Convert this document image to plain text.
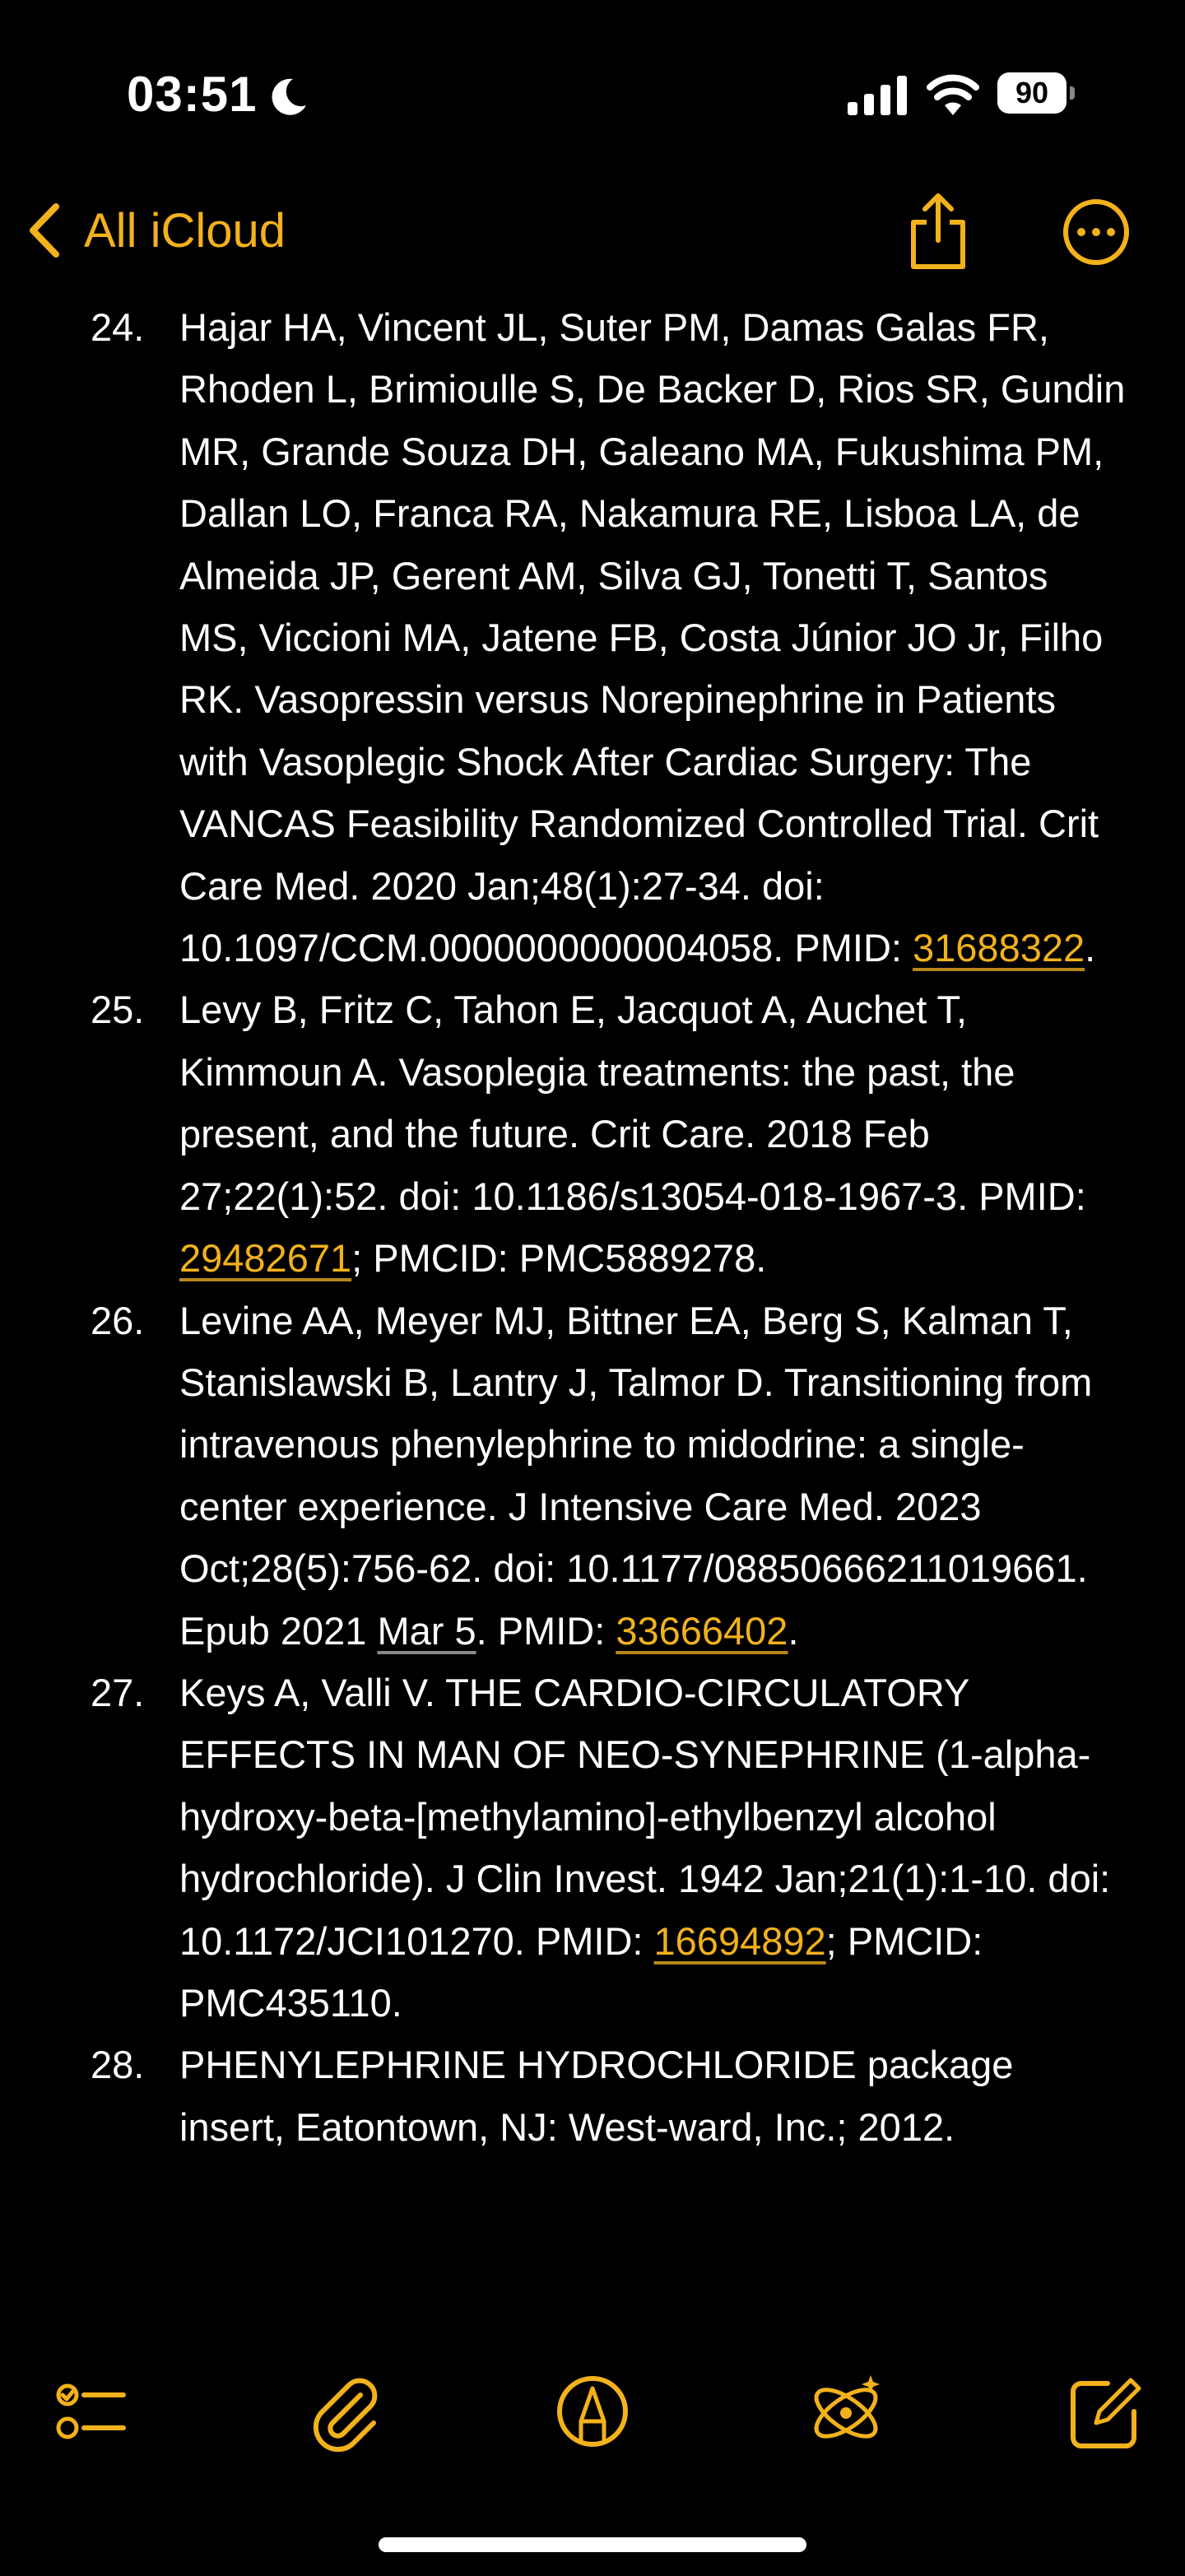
03:51	90
All iCloud
24. Hajar HA, Vincent JL, Suter PM, Damas Galas FR, Rhoden L, Brimioulle S, De Backer D, Rios SR, Gundin MR, Grande Souza DH, Galeano MA, Fukushima PM, Dallan LO, Franca RA, Nakamura RE, Lisboa LA, de Almeida JP, Gerent AM, Silva GJ, Tonetti T, Santos MS, Viccioni MA, Jatene FB, Costa Júnior JO Jr, Filho RK. Vasopressin versus Norepinephrine in Patients with Vasoplegic Shock After Cardiac Surgery: The VANCAS Feasibility Randomized Controlled Trial. Crit Care Med. 2020 Jan;48(1):27-34. doi: 10.1097/CCM.0000000000004058. PMID: 31688322.
25. Levy B, Fritz C, Tahon E, Jacquot A, Auchet T, Kimmoun A. Vasoplegia treatments: the past, the present, and the future. Crit Care. 2018 Feb 27;22(1):52. doi: 10.1186/s13054-018-1967-3. PMID: 29482671; PMCID: PMC5889278.
26. Levine AA, Meyer MJ, Bittner EA, Berg S, Kalman T, Stanislawski B, Lantry J, Talmor D. Transitioning from intravenous phenylephrine to midodrine: a single-center experience. J Intensive Care Med. 2023 Oct;28(5):756-62. doi: 10.1177/08850666211019661. Epub 2021 Mar 5. PMID: 33666402.
27. Keys A, Valli V. THE CARDIO-CIRCULATORY EFFECTS IN MAN OF NEO-SYNEPHRINE (1-alpha-hydroxy-beta-[methylamino]-ethylbenzyl alcohol hydrochloride). J Clin Invest. 1942 Jan;21(1):1-10. doi: 10.1172/JCI101270. PMID: 16694892; PMCID: PMC435110.
28. PHENYLEPHRINE HYDROCHLORIDE package insert, Eatontown, NJ: West-ward, Inc.; 2012.
